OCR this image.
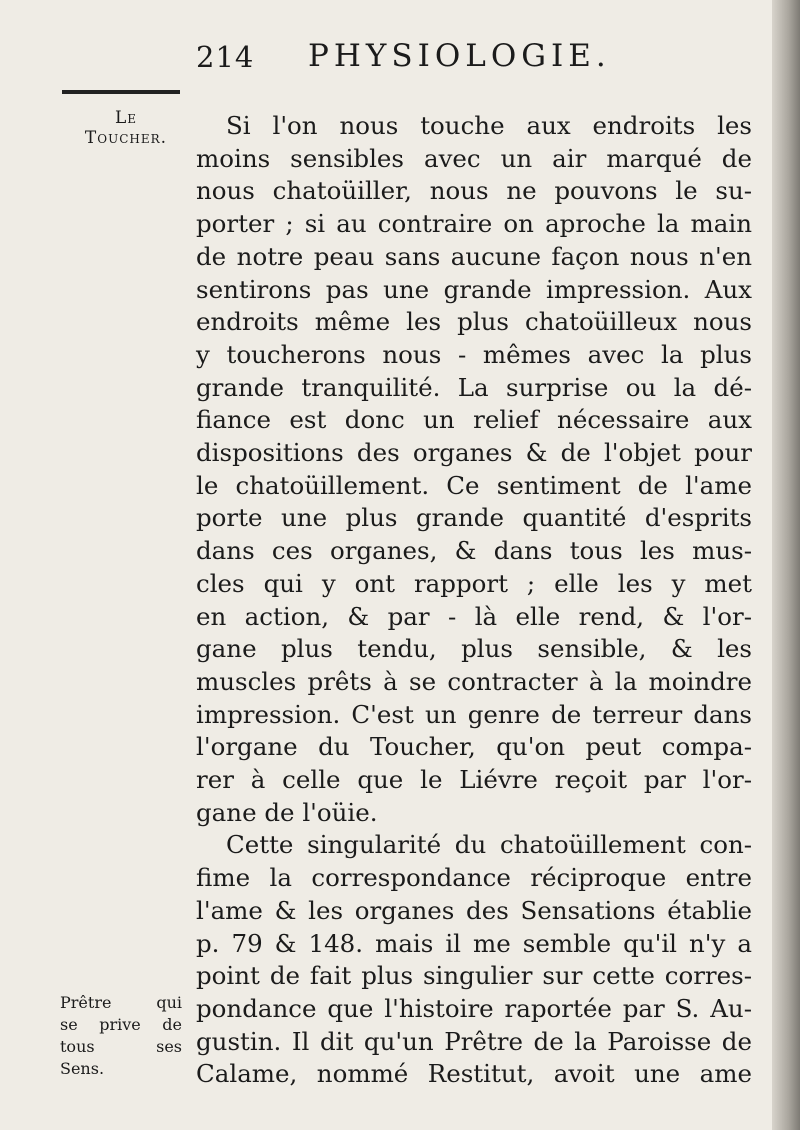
214 PHYSIOLOGIE.
Le
Toucher.	Si l'on nous touche aux endroits les
moins sensibles avec un air marqué de
nous chatoüiller, nous ne pouvons le su-
porter ; si au contraire on aproche la main
de notre peau sans aucune façon nous n'en
sentirons pas une grande impression. Aux
endroits même les plus chatoüilleux nous
y toucherons nous - mêmes avec la plus
grande tranquilité. La surprise ou la dé-
fiance est donc un relief nécessaire aux
dispositions des organes & de l'objet pour
le chatoüillement. Ce sentiment de l'ame
porte une plus grande quantité d'esprits
dans ces organes, & dans tous les mus-
cles qui y ont rapport ; elle les y met
en action, & par - là elle rend, & l'or-
gane plus tendu, plus sensible, & les
muscles prêts à se contracter à la moindre
impression. C'est un genre de terreur dans
l'organe du Toucher, qu'on peut compa-
rer à celle que le Liévre reçoit par l'or-
gane de l'oüie.
Cette singularité du chatoüillement con-
fime la correspondance réciproque entre
l'ame & les organes des Sensations établie
p. 79 & 148. mais il me semble qu'il n'y a
point de fait plus singulier sur cette corres-
pondance que l'histoire raportée par S. Au-
gustin. Il dit qu'un Prêtre de la Paroisse de
Calame, nommé Restitut, avoit une ame
Prêtre qui
se prive de
tous ses
Sens.
